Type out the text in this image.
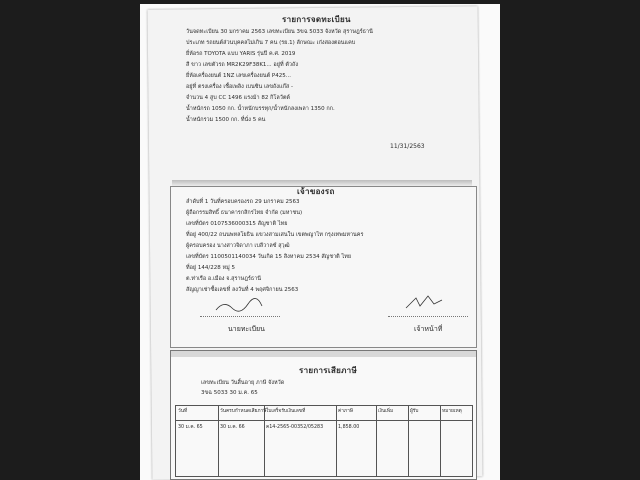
รายการจดทะเบียน
11/31/2563
เจ้าของรถ
นายทะเบียน	เจ้าหน้าที่
รายการเสียภาษี
เลขทะเบียน วันสิ้นอายุ ภาษี จังหวัด
3ขฉ 5033 30 ม.ค. 65
วันที่	วันครบกำหนดเสียภาษี ใบเสร็จรับเงินเลขที่	ค่าภาษี	เงินเพิ่ม	ผู้รับ	หมายเหตุ
30 ม.ค. 65	30 ม.ค. 66	ค14-2565-00352/05283	1,858.00
วันจดทะเบียน 30 มกราคม 2563 เลขทะเบียน 3ขฉ 5033 จังหวัด สุราษฎร์ธานี
ประเภท รถยนต์ส่วนบุคคลไม่เกิน 7 คน (รย.1) ลักษณะ เก๋งสองตอนแคบ
ยี่ห้อรถ TOYOTA แบบ YARIS รุ่นปี ค.ศ. 2019
สี ขาว เลขตัวรถ MR2K29F38K1... อยู่ที่ ตัวถัง
ยี่ห้อเครื่องยนต์ 1NZ เลขเครื่องยนต์ P425...
อยู่ที่ ตรงเครื่อง เชื้อเพลิง เบนซิน เลขถังแก๊ส -
จำนวน 4 สูบ CC 1496 แรงม้า 82 กิโลวัตต์
น้ำหนักรถ 1050 กก. น้ำหนักบรรทุก/น้ำหนักลงเพลา 1350 กก.
น้ำหนักรวม 1500 กก. ที่นั่ง 5 คน
ลำดับที่ 1 วันที่ครอบครองรถ 29 มกราคม 2563
ผู้ถือกรรมสิทธิ์ ธนาคารกสิกรไทย จำกัด (มหาชน)
เลขที่บัตร 0107536000315 สัญชาติ ไทย
ที่อยู่ 400/22 ถนนพหลโยธิน แขวงสามเสนใน เขตพญาไท กรุงเทพมหานคร
ผู้ครอบครอง นางสาวจิดาภา เบลีวาลซ์ สุวุฒิ
เลขที่บัตร 1100501140034 วันเกิด 15 สิงหาคม 2534 สัญชาติ ไทย
ที่อยู่ 144/228 หมู่ 5
ต.ท่าเรือ อ.เมือง จ.สุราษฎร์ธานี
สัญญาเช่าซื้อเลขที่ ลงวันที่ 4 พฤศจิกายน 2563
